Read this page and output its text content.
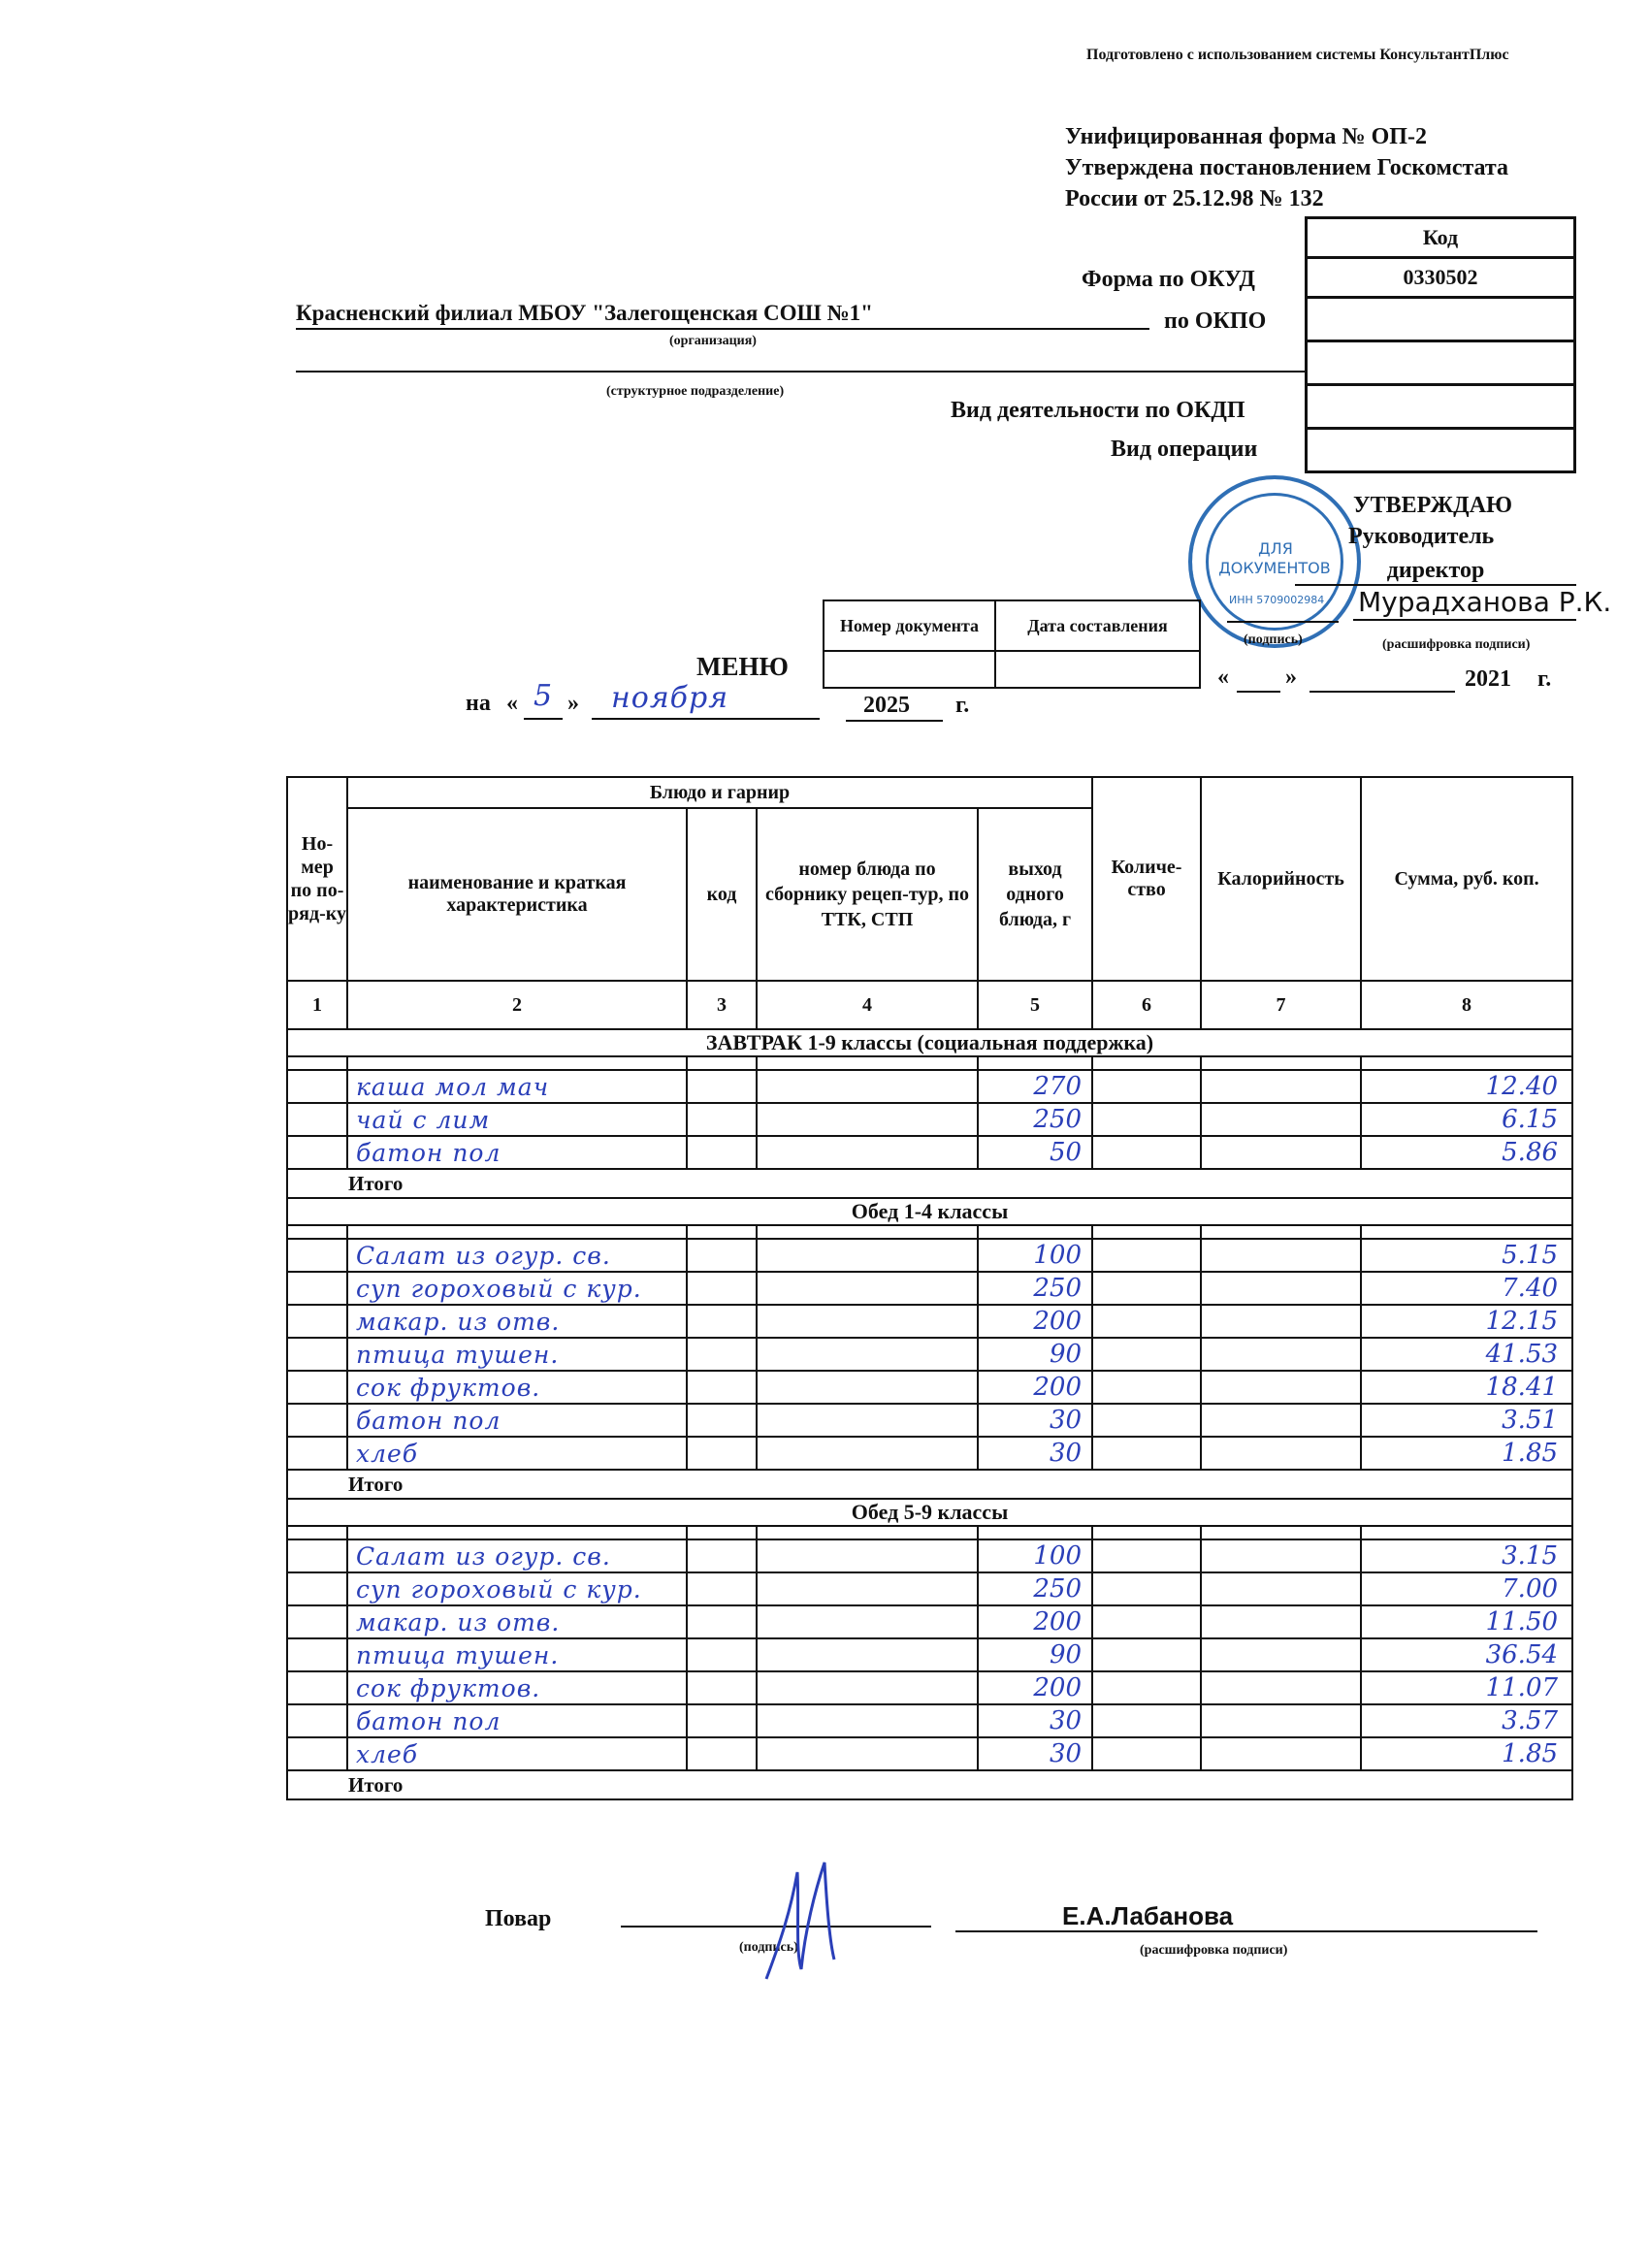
Подготовлено с использованием системы КонсультантПлюс
Унифицированная форма № ОП-2
Утверждена постановлением Госкомстата
России от 25.12.98 № 132
Код
0330502

Форма по ОКУД
по ОКПО
Вид деятельности по ОКДП
Вид операции
Красненский филиал МБОУ "Залегощенская СОШ №1"
(организация)
(структурное подразделение)
ДЛЯ
ДОКУМЕНТОВ
ИНН 5709002984
УТВЕРЖДАЮ
Руководитель
директор
Мурадханова Р.К.
(подпись)	(расшифровка подписи)
« »	2021 г.
Номер документа	Дата составления

МЕНЮ
на « 5 » ноября	2025 г.
Но-мер по по-ряд-ку	Блюдо и гарнир				Количе-ство	Калорийность	Сумма, руб. коп.
	наименование и краткая характеристика	код	номер блюда по сборнику рецеп-тур, по ТТК, СТП	выход одного блюда, г			
1	2	3	4	5	6	7	8
ЗАВТРАК 1-9 классы (социальная поддержка)							

	каша мол мач			270			12.40
	чай с лим			250			6.15
	батон пол			50			5.86
Итого							
Обед 1-4 классы							

	Салат из огур. св.			100			5.15
	суп гороховый с кур.			250			7.40
	макар. из отв.			200			12.15
	птица тушен.			90			41.53
	сок фруктов.			200			18.41
	батон пол			30			3.51
	хлеб			30			1.85
Итого							
Обед 5-9 классы							

	Салат из огур. св.			100			3.15
	суп гороховый с кур.			250			7.00
	макар. из отв.			200			11.50
	птица тушен.			90			36.54
	сок фруктов.			200			11.07
	батон пол			30			3.57
	хлеб			30			1.85
Итого							
Повар
(подпись)
Е.А.Лабанова
(расшифровка подписи)
